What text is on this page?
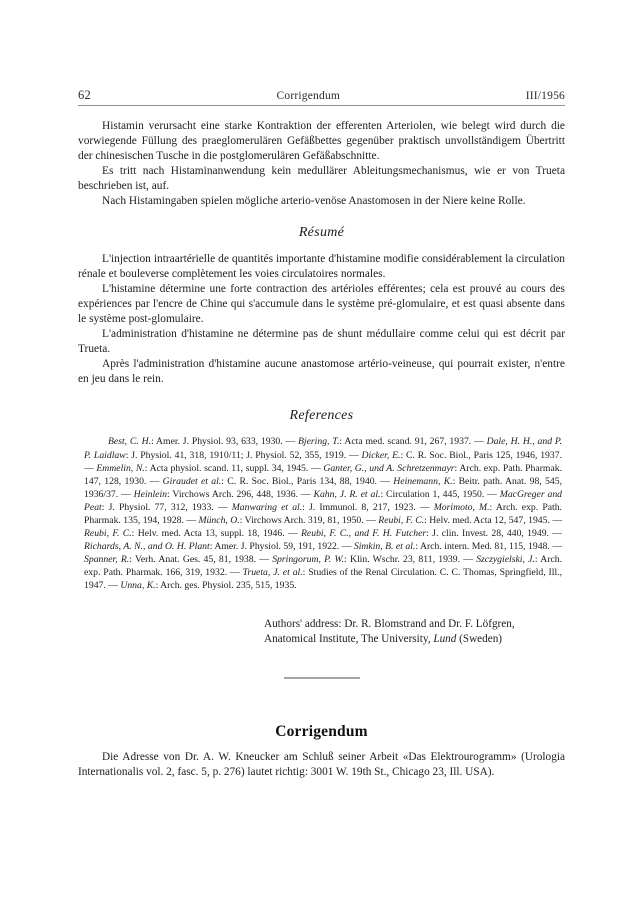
62	Corrigendum	III/1956

Histamin verursacht eine starke Kontraktion der efferenten Arteriolen, wie belegt wird durch die vorwiegende Füllung des praeglomerulären Gefäßbettes gegenüber praktisch unvollständigem Übertritt der chinesischen Tusche in die postglomerulären Gefäßabschnitte.

Es tritt nach Histaminanwendung kein medullärer Ableitungsmechanismus, wie er von Trueta beschrieben ist, auf.

Nach Histamingaben spielen mögliche arterio-venöse Anastomosen in der Niere keine Rolle.

Résumé

L'injection intraartérielle de quantités importante d'histamine modifie considérablement la circulation rénale et bouleverse complètement les voies circulatoires normales.

L'histamine détermine une forte contraction des artérioles efférentes; cela est prouvé au cours des expériences par l'encre de Chine qui s'accumule dans le système pré-glomulaire, et est quasi absente dans le système post-glomulaire.

L'administration d'histamine ne détermine pas de shunt médullaire comme celui qui est décrit par Trueta.

Après l'administration d'histamine aucune anastomose artério-veineuse, qui pourrait exister, n'entre en jeu dans le rein.

References

Best, C. H.: Amer. J. Physiol. 93, 633, 1930. — Bjering, T.: Acta med. scand. 91, 267, 1937. — Dale, H. H., and P. P. Laidlaw: J. Physiol. 41, 318, 1910/11; J. Physiol. 52, 355, 1919. — Dicker, E.: C. R. Soc. Biol., Paris 125, 1946, 1937. — Emmelin, N.: Acta physiol. scand. 11, suppl. 34, 1945. — Ganter, G., und A. Schretzenmayr: Arch. exp. Path. Pharmak. 147, 128, 1930. — Giraudet et al.: C. R. Soc. Biol., Paris 134, 88, 1940. — Heinemann, K.: Beitr. path. Anat. 98, 545, 1936/37. — Heinlein: Virchows Arch. 296, 448, 1936. — Kahn, J. R. et al.: Circulation 1, 445, 1950. — MacGreger and Peat: J. Physiol. 77, 312, 1933. — Manwaring et al.: J. Immunol. 8, 217, 1923. — Morimoto, M.: Arch. exp. Path. Pharmak. 135, 194, 1928. — Münch, O.: Virchows Arch. 319, 81, 1950. — Reubi, F. C.: Helv. med. Acta 12, 547, 1945. — Reubi, F. C.: Helv. med. Acta 13, suppl. 18, 1946. — Reubi, F. C., and F. H. Futcher: J. clin. Invest. 28, 440, 1949. — Richards, A. N., and O. H. Plant: Amer. J. Physiol. 59, 191, 1922. — Simkin, B. et al.: Arch. intern. Med. 81, 115, 1948. — Spanner, R.: Verh. Anat. Ges. 45, 81, 1938. — Springorum, P. W.: Klin. Wschr. 23, 811, 1939. — Szczygielski, J.: Arch. exp. Path. Pharmak. 166, 319, 1932. — Trueta, J. et al.: Studies of the Renal Circulation. C. C. Thomas, Springfield, Ill., 1947. — Unna, K.: Arch. ges. Physiol. 235, 515, 1935.

Authors' address: Dr. R. Blomstrand and Dr. F. Löfgren,
Anatomical Institute, The University, Lund (Sweden)
Corrigendum

Die Adresse von Dr. A. W. Kneucker am Schluß seiner Arbeit «Das Elektrourogramm» (Urologia Internationalis vol. 2, fasc. 5, p. 276) lautet richtig: 3001 W. 19th St., Chicago 23, Ill. USA).
